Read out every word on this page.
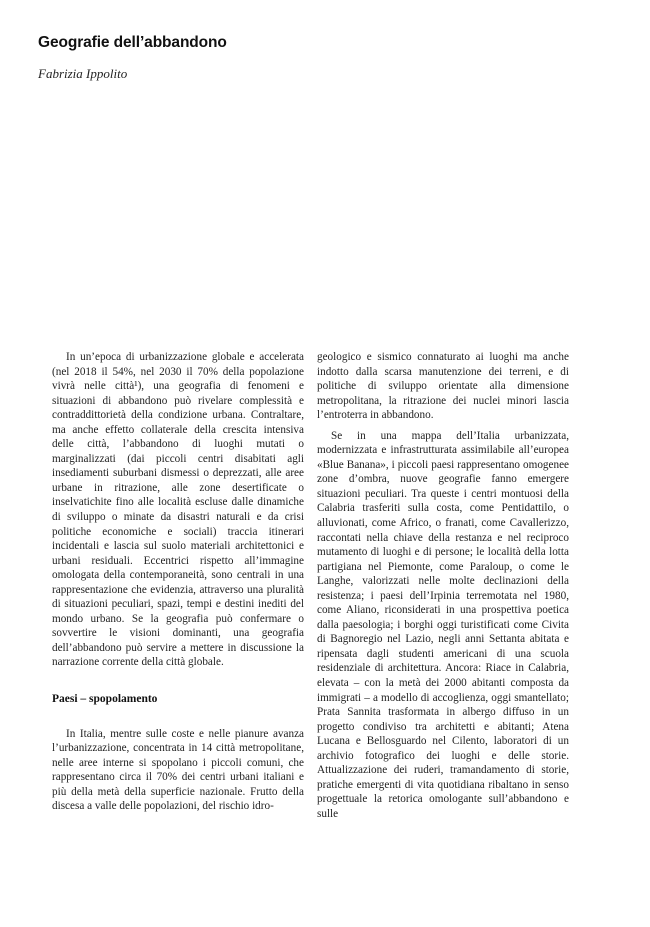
Geografie dell’abbandono

Fabrizia Ippolito

In un’epoca di urbanizzazione globale e accelerata (nel 2018 il 54%, nel 2030 il 70% della popolazione vivrà nelle città¹), una geografia di fenomeni e situazioni di abbandono può rivelare complessità e contraddittorietà della condizione urbana. Contraltare, ma anche effetto collaterale della crescita intensiva delle città, l’abbandono di luoghi mutati o marginalizzati (dai piccoli centri disabitati agli insediamenti suburbani dismessi o deprezzati, alle aree urbane in ritrazione, alle zone desertificate o inselvatichite fino alle località escluse dalle dinamiche di sviluppo o minate da disastri naturali e da crisi politiche economiche e sociali) traccia itinerari incidentali e lascia sul suolo materiali architettonici e urbani residuali. Eccentrici rispetto all’immagine omologata della contemporaneità, sono centrali in una rappresentazione che evidenzia, attraverso una pluralità di situazioni peculiari, spazi, tempi e destini inediti del mondo urbano. Se la geografia può confermare o sovvertire le visioni dominanti, una geografia dell’abbandono può servire a mettere in discussione la narrazione corrente della città globale.

Paesi – spopolamento

In Italia, mentre sulle coste e nelle pianure avanza l’urbanizzazione, concentrata in 14 città metropolitane, nelle aree interne si spopolano i piccoli comuni, che rappresentano circa il 70% dei centri urbani italiani e più della metà della superficie nazionale. Frutto della discesa a valle delle popolazioni, del rischio idro-

geologico e sismico connaturato ai luoghi ma anche indotto dalla scarsa manutenzione dei terreni, e di politiche di sviluppo orientate alla dimensione metropolitana, la ritrazione dei nuclei minori lascia l’entroterra in abbandono.

Se in una mappa dell’Italia urbanizzata, modernizzata e infrastrutturata assimilabile all’europea «Blue Banana», i piccoli paesi rappresentano omogenee zone d’ombra, nuove geografie fanno emergere situazioni peculiari. Tra queste i centri montuosi della Calabria trasferiti sulla costa, come Pentidattilo, o alluvionati, come Africo, o franati, come Cavallerizzo, raccontati nella chiave della restanza e nel reciproco mutamento di luoghi e di persone; le località della lotta partigiana nel Piemonte, come Paraloup, o come le Langhe, valorizzati nelle molte declinazioni della resistenza; i paesi dell’Irpinia terremotata nel 1980, come Aliano, riconsiderati in una prospettiva poetica dalla paesologia; i borghi oggi turistificati come Civita di Bagnoregio nel Lazio, negli anni Settanta abitata e ripensata dagli studenti americani di una scuola residenziale di architettura. Ancora: Riace in Calabria, elevata – con la metà dei 2000 abitanti composta da immigrati – a modello di accoglienza, oggi smantellato; Prata Sannita trasformata in albergo diffuso in un progetto condiviso tra architetti e abitanti; Atena Lucana e Bellosguardo nel Cilento, laboratori di un archivio fotografico dei luoghi e delle storie. Attualizzazione dei ruderi, tramandamento di storie, pratiche emergenti di vita quotidiana ribaltano in senso progettuale la retorica omologante sull’abbandono e sulle
